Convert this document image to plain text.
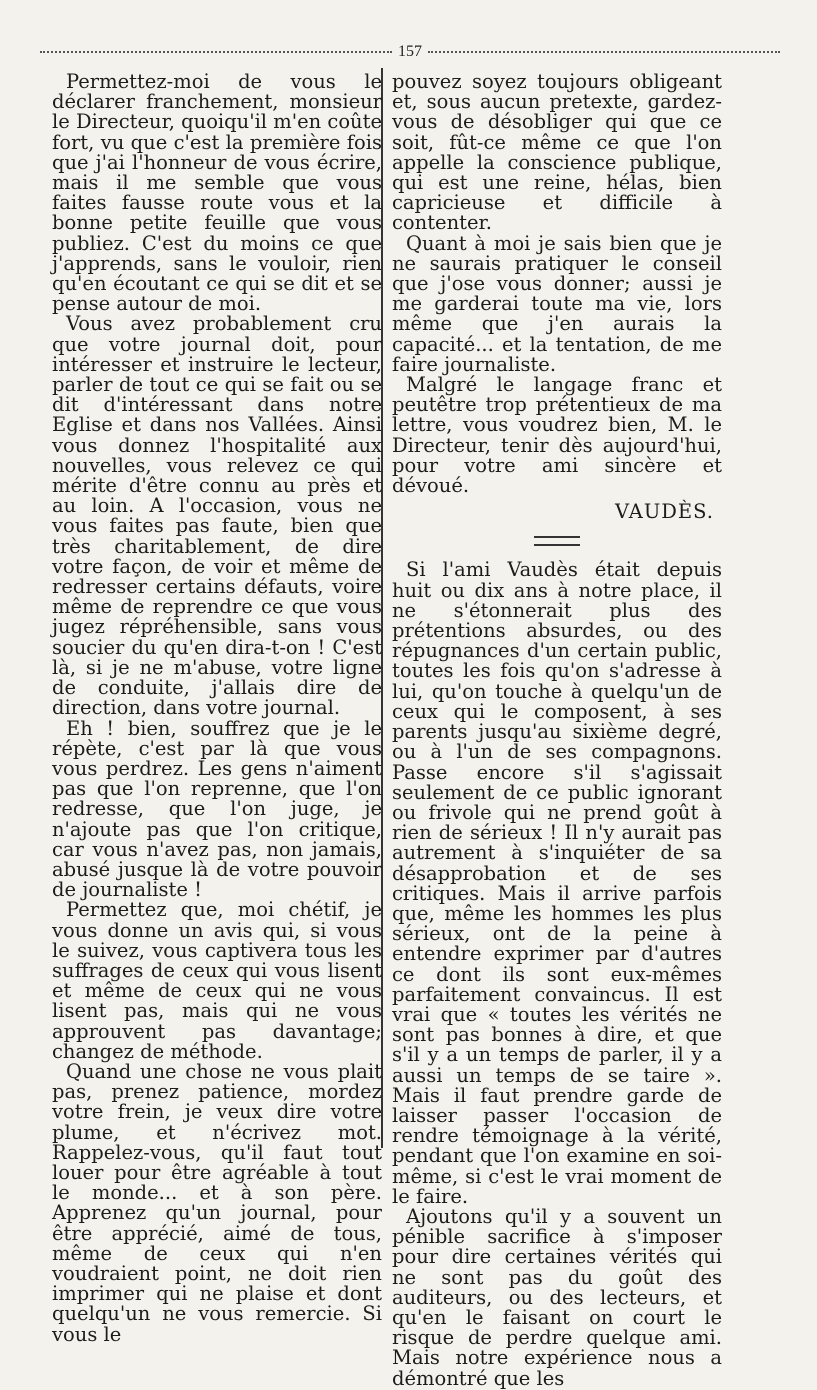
157

Permettez-moi de vous le déclarer franchement, monsieur le Directeur, quoiqu'il m'en coûte fort, vu que c'est la première fois que j'ai l'honneur de vous écrire, mais il me semble que vous faites fausse route vous et la bonne petite feuille que vous publiez. C'est du moins ce que j'apprends, sans le vouloir, rien qu'en écoutant ce qui se dit et se pense autour de moi.

Vous avez probablement cru que votre journal doit, pour intéresser et instruire le lecteur, parler de tout ce qui se fait ou se dit d'intéressant dans notre Eglise et dans nos Vallées. Ainsi vous donnez l'hospitalité aux nouvelles, vous relevez ce qui mérite d'être connu au près et au loin. A l'occasion, vous ne vous faites pas faute, bien que très charitablement, de dire votre façon, de voir et même de redresser certains défauts, voire même de reprendre ce que vous jugez répréhensible, sans vous soucier du qu'en dira-t-on ! C'est là, si je ne m'abuse, votre ligne de conduite, j'allais dire de direction, dans votre journal.

Eh ! bien, souffrez que je le répète, c'est par là que vous vous perdrez. Les gens n'aiment pas que l'on reprenne, que l'on redresse, que l'on juge, je n'ajoute pas que l'on critique, car vous n'avez pas, non jamais, abusé jusque là de votre pouvoir de journaliste !

Permettez que, moi chétif, je vous donne un avis qui, si vous le suivez, vous captivera tous les suffrages de ceux qui vous lisent et même de ceux qui ne vous lisent pas, mais qui ne vous approuvent pas davantage; changez de méthode.

Quand une chose ne vous plait pas, prenez patience, mordez votre frein, je veux dire votre plume, et n'écrivez mot. Rappelez-vous, qu'il faut tout louer pour être agréable à tout le monde... et à son père. Apprenez qu'un journal, pour être apprécié, aimé de tous, même de ceux qui n'en voudraient point, ne doit rien imprimer qui ne plaise et dont quelqu'un ne vous remercie. Si vous le

pouvez soyez toujours obligeant et, sous aucun pretexte, gardez-vous de désobliger qui que ce soit, fût-ce même ce que l'on appelle la conscience publique, qui est une reine, hélas, bien capricieuse et difficile à contenter.

Quant à moi je sais bien que je ne saurais pratiquer le conseil que j'ose vous donner; aussi je me garderai toute ma vie, lors même que j'en aurais la capacité... et la tentation, de me faire journaliste.

Malgré le langage franc et peutêtre trop prétentieux de ma lettre, vous voudrez bien, M. le Directeur, tenir dès aujourd'hui, pour votre ami sincère et dévoué.

VAUDÈS.

Si l'ami Vaudès était depuis huit ou dix ans à notre place, il ne s'étonnerait plus des prétentions absurdes, ou des répugnances d'un certain public, toutes les fois qu'on s'adresse à lui, qu'on touche à quelqu'un de ceux qui le composent, à ses parents jusqu'au sixième degré, ou à l'un de ses compagnons. Passe encore s'il s'agissait seulement de ce public ignorant ou frivole qui ne prend goût à rien de sérieux ! Il n'y aurait pas autrement à s'inquiéter de sa désapprobation et de ses critiques. Mais il arrive parfois que, même les hommes les plus sérieux, ont de la peine à entendre exprimer par d'autres ce dont ils sont eux-mêmes parfaitement convaincus. Il est vrai que « toutes les vérités ne sont pas bonnes à dire, et que s'il y a un temps de parler, il y a aussi un temps de se taire ». Mais il faut prendre garde de laisser passer l'occasion de rendre témoignage à la vérité, pendant que l'on examine en soi-même, si c'est le vrai moment de le faire.

Ajoutons qu'il y a souvent un pénible sacrifice à s'imposer pour dire certaines vérités qui ne sont pas du goût des auditeurs, ou des lecteurs, et qu'en le faisant on court le risque de perdre quelque ami. Mais notre expérience nous a démontré que les
